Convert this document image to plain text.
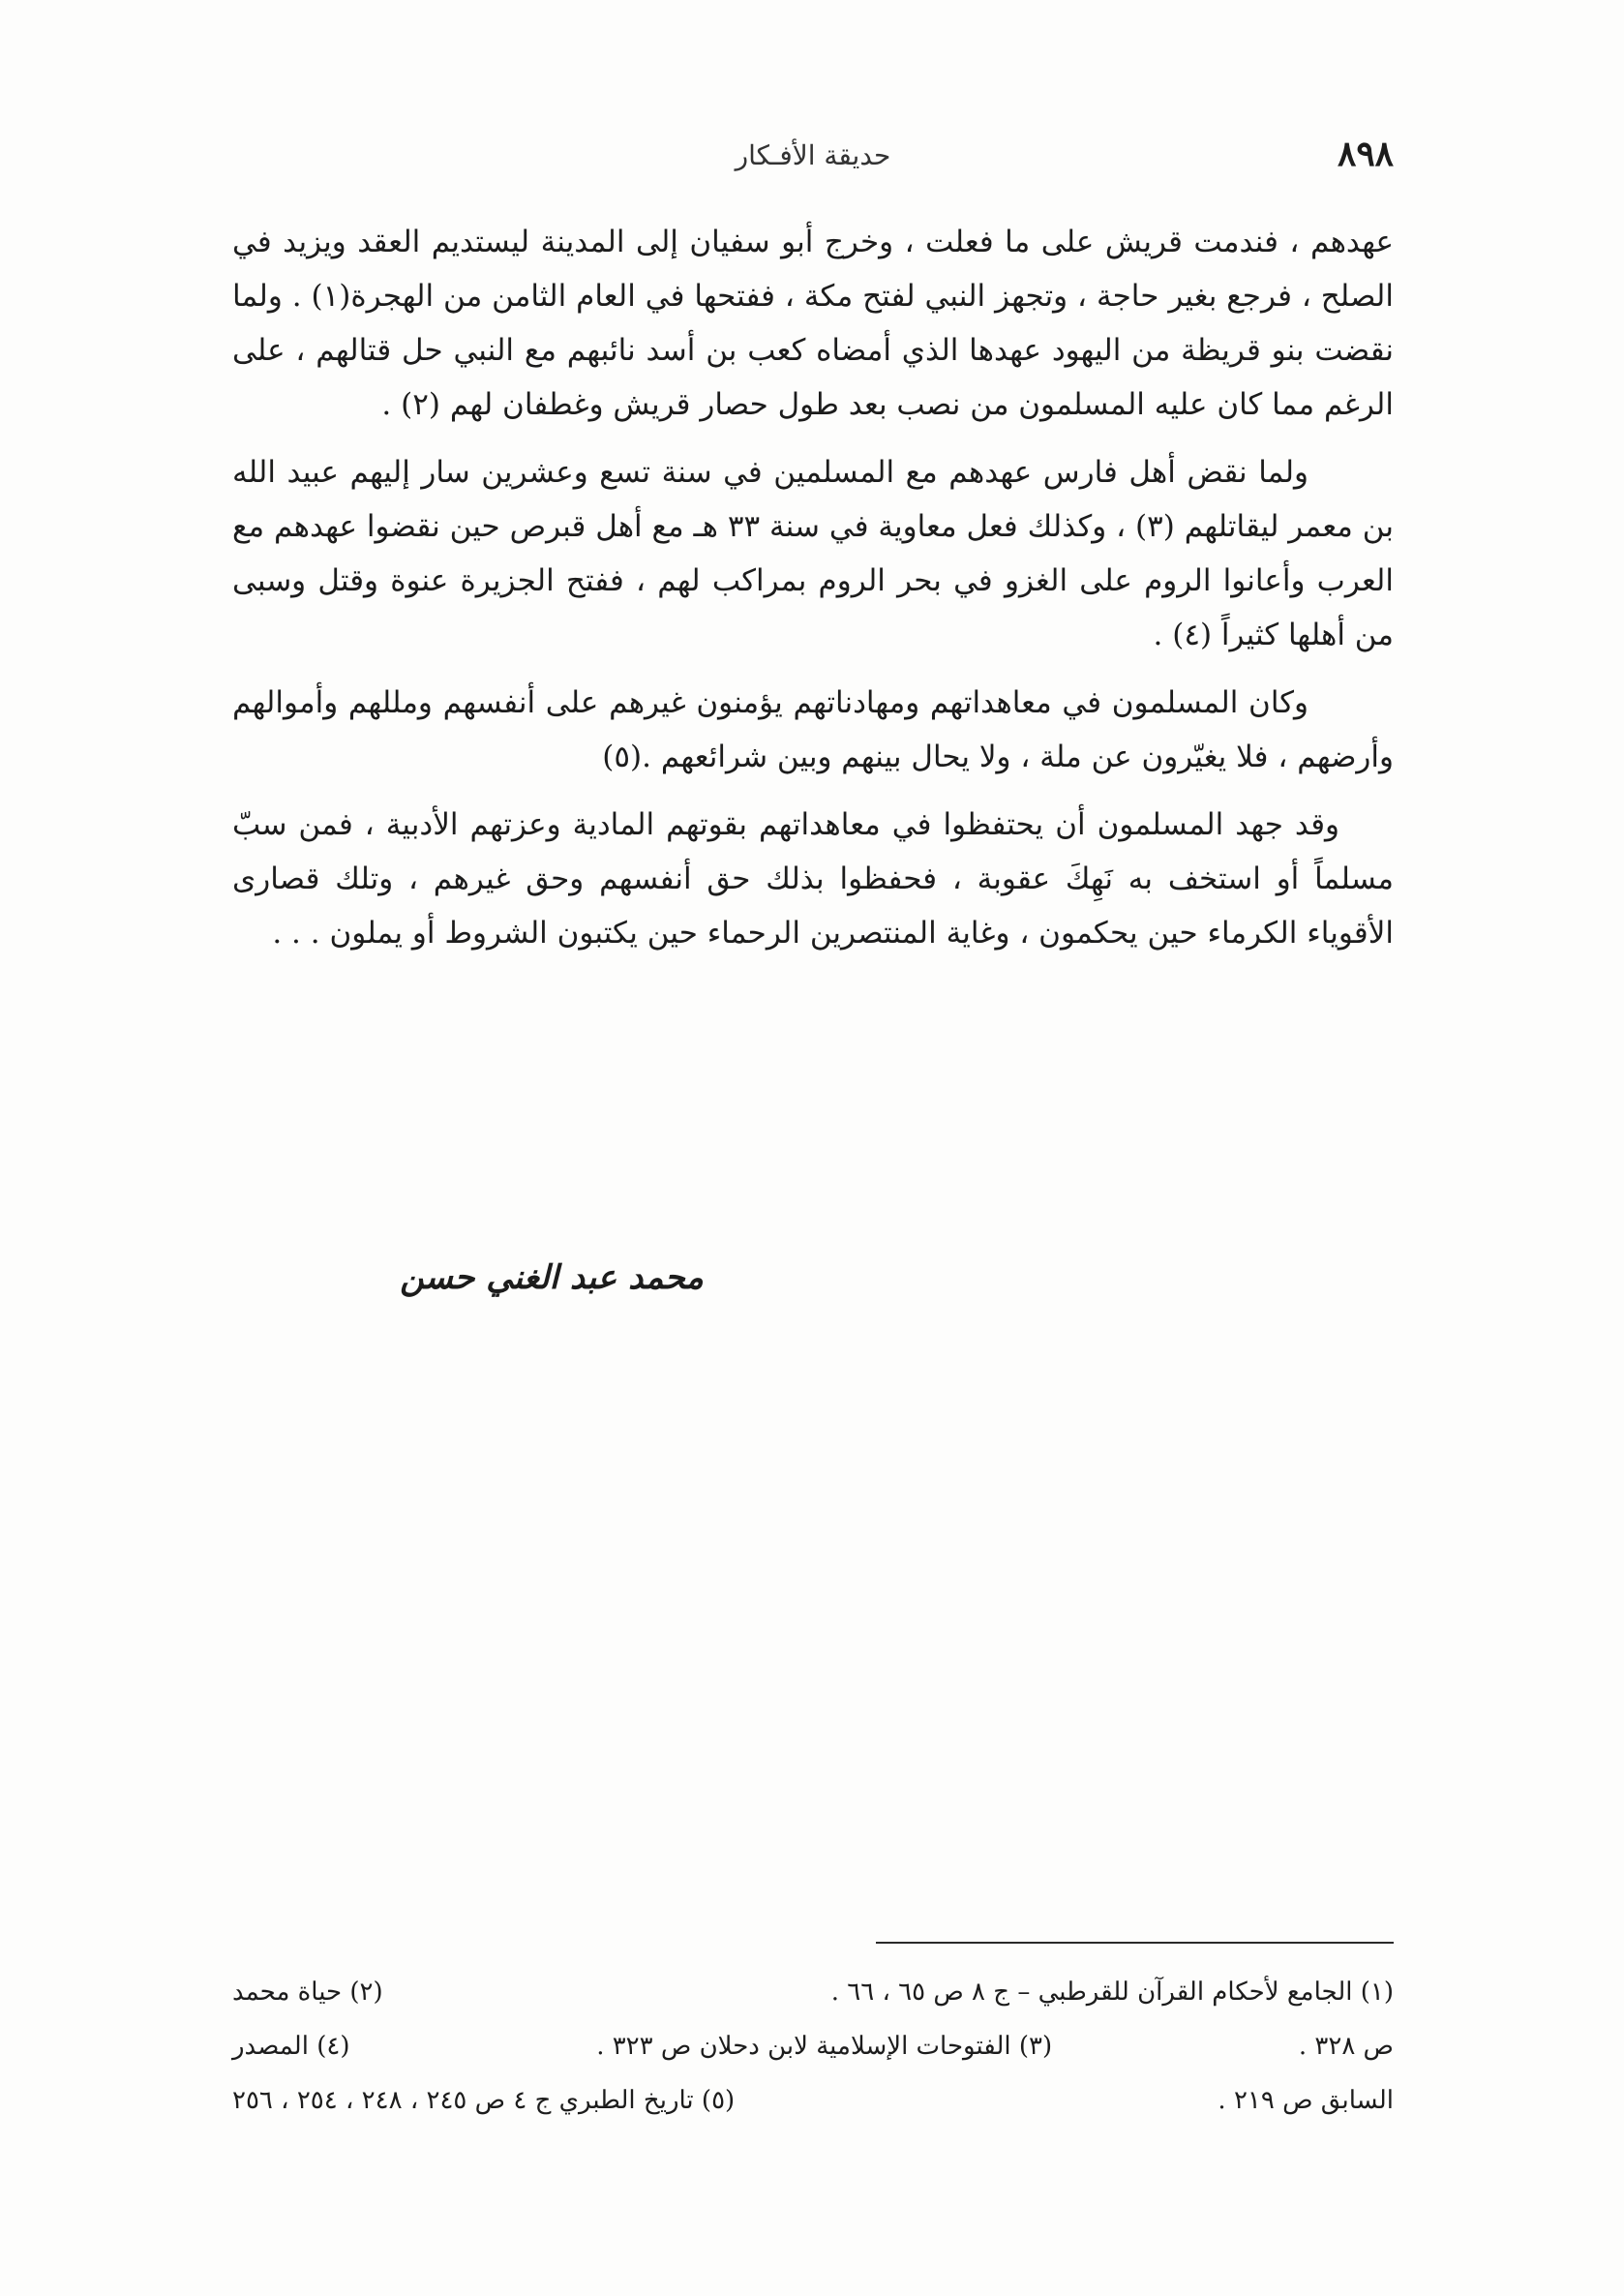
٨٩٨
حديقة الأفـكار

عهدهم ، فندمت قريش على ما فعلت ، وخرج أبو سفيان إلى المدينة ليستديم العقد ويزيد في الصلح ، فرجع بغير حاجة ، وتجهز النبي لفتح مكة ، ففتحها في العام الثامن من الهجرة(١) . ولما نقضت بنو قريظة من اليهود عهدها الذي أمضاه كعب بن أسد نائبهم مع النبي حل قتالهم ، على الرغم مما كان عليه المسلمون من نصب بعد طول حصار قريش وغطفان لهم (٢) .

ولما نقض أهل فارس عهدهم مع المسلمين في سنة تسع وعشرين سار إليهم عبيد الله بن معمر ليقاتلهم (٣) ، وكذلك فعل معاوية في سنة ٣٣ هـ مع أهل قبرص حين نقضوا عهدهم مع العرب وأعانوا الروم على الغزو في بحر الروم بمراكب لهم ، ففتح الجزيرة عنوة وقتل وسبى من أهلها كثيراً (٤) .

وكان المسلمون في معاهداتهم ومهادناتهم يؤمنون غيرهم على أنفسهم ومللهم وأموالهم وأرضهم ، فلا يغيّرون عن ملة ، ولا يحال بينهم وبين شرائعهم .(٥)

وقد جهد المسلمون أن يحتفظوا في معاهداتهم بقوتهم المادية وعزتهم الأدبية ، فمن سبّ مسلماً أو استخف به نَهِكَ عقوبة ، فحفظوا بذلك حق أنفسهم وحق غيرهم ، وتلك قصارى الأقوياء الكرماء حين يحكمون ، وغاية المنتصرين الرحماء حين يكتبون الشروط أو يملون . . .

محمد عبد الغني حسن
(١) الجامع لأحكام القرآن للقرطبي – ج ٨ ص ٦٥ ، ٦٦ .
(٢) حياة محمد
ص ٣٢٨ .
(٣) الفتوحات الإسلامية لابن دحلان ص ٣٢٣ .
(٤) المصدر
السابق ص ٢١٩ .
(٥) تاريخ الطبري ج ٤ ص ٢٤٥ ، ٢٤٨ ، ٢٥٤ ، ٢٥٦
